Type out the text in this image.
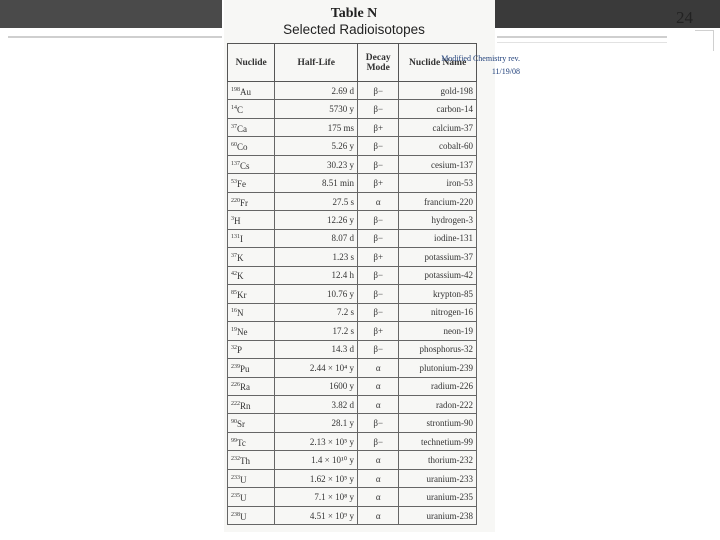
24
Table N
Selected Radioisotopes
Nuclide	Half-Life	Decay Mode	Nuclide Name
$^{198}$Au	2.69 d	β−	gold-198
$^{14}$C	5730 y	β−	carbon-14
$^{37}$Ca	175 ms	β+	calcium-37
$^{60}$Co	5.26 y	β−	cobalt-60
$^{137}$Cs	30.23 y	β−	cesium-137
$^{53}$Fe	8.51 min	β+	iron-53
$^{220}$Fr	27.5 s	α	francium-220
$^3$H	12.26 y	β−	hydrogen-3
$^{131}$I	8.07 d	β−	iodine-131
$^{37}$K	1.23 s	β+	potassium-37
$^{42}$K	12.4 h	β−	potassium-42
$^{85}$Kr	10.76 y	β−	krypton-85
$^{16}$N	7.2 s	β−	nitrogen-16
$^{19}$Ne	17.2 s	β+	neon-19
$^{32}$P	14.3 d	β−	phosphorus-32
$^{239}$Pu	2.44 × 10⁴ y	α	plutonium-239
$^{226}$Ra	1600 y	α	radium-226
$^{222}$Rn	3.82 d	α	radon-222
$^{90}$Sr	28.1 y	β−	strontium-90
$^{99}$Tc	2.13 × 10⁵ y	β−	technetium-99
$^{232}$Th	1.4 × 10¹⁰ y	α	thorium-232
$^{233}$U	1.62 × 10⁵ y	α	uranium-233
$^{235}$U	7.1 × 10⁸ y	α	uranium-235
$^{238}$U	4.51 × 10⁹ y	α	uranium-238
Modified Chemistry rev.
11/19/08
